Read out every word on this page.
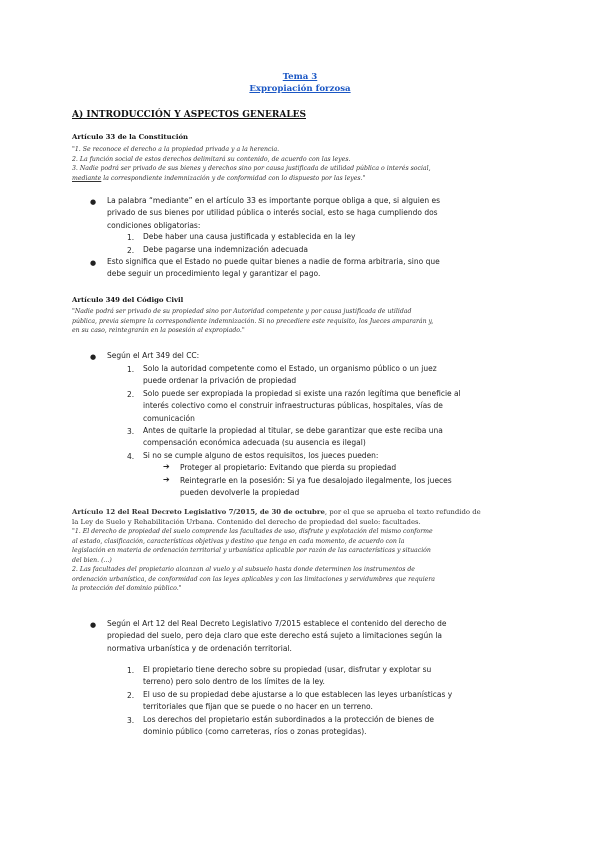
Tema 3
Expropiación forzosa
A) INTRODUCCIÓN Y ASPECTOS GENERALES
Artículo 33 de la Constitución
"1. Se reconoce el derecho a la propiedad privada y a la herencia.
2. La función social de estos derechos delimitará su contenido, de acuerdo con las leyes.
3. Nadie podrá ser privado de sus bienes y derechos sino por causa justificada de utilidad pública o interés social,
mediante la correspondiente indemnización y de conformidad con lo dispuesto por las leyes."
● La palabra “mediante” en el artículo 33 es importante porque obliga a que, si alguien es
privado de sus bienes por utilidad pública o interés social, esto se haga cumpliendo dos
condiciones obligatorias:
1. Debe haber una causa justificada y establecida en la ley
2. Debe pagarse una indemnización adecuada
● Esto significa que el Estado no puede quitar bienes a nadie de forma arbitraria, sino que
debe seguir un procedimiento legal y garantizar el pago.
Artículo 349 del Código Civil
"Nadie podrá ser privado de su propiedad sino por Autoridad competente y por causa justificada de utilidad
pública, previa siempre la correspondiente indemnización. Si no precediere este requisito, los Jueces ampararán y,
en su caso, reintegrarán en la posesión al expropiado."
● Según el Art 349 del CC:
1. Solo la autoridad competente como el Estado, un organismo público o un juez
puede ordenar la privación de propiedad
2. Solo puede ser expropiada la propiedad si existe una razón legítima que beneficie al
interés colectivo como el construir infraestructuras públicas, hospitales, vías de
comunicación
3. Antes de quitarle la propiedad al titular, se debe garantizar que este reciba una
compensación económica adecuada (su ausencia es ilegal)
4. Si no se cumple alguno de estos requisitos, los jueces pueden:
➔ Proteger al propietario: Evitando que pierda su propiedad
➔ Reintegrarle en la posesión: Si ya fue desalojado ilegalmente, los jueces
pueden devolverle la propiedad
Artículo 12 del Real Decreto Legislativo 7/2015, de 30 de octubre, por el que se aprueba el texto refundido de
la Ley de Suelo y Rehabilitación Urbana. Contenido del derecho de propiedad del suelo: facultades.
"1. El derecho de propiedad del suelo comprende las facultades de uso, disfrute y explotación del mismo conforme
al estado, clasificación, características objetivas y destino que tenga en cada momento, de acuerdo con la
legislación en materia de ordenación territorial y urbanística aplicable por razón de las características y situación
del bien. (...)
2. Las facultades del propietario alcanzan al vuelo y al subsuelo hasta donde determinen los instrumentos de
ordenación urbanística, de conformidad con las leyes aplicables y con las limitaciones y servidumbres que requiera
la protección del dominio público."
● Según el Art 12 del Real Decreto Legislativo 7/2015 establece el contenido del derecho de
propiedad del suelo, pero deja claro que este derecho está sujeto a limitaciones según la
normativa urbanística y de ordenación territorial.
1. El propietario tiene derecho sobre su propiedad (usar, disfrutar y explotar su
terreno) pero solo dentro de los límites de la ley.
2. El uso de su propiedad debe ajustarse a lo que establecen las leyes urbanísticas y
territoriales que fijan que se puede o no hacer en un terreno.
3. Los derechos del propietario están subordinados a la protección de bienes de
dominio público (como carreteras, ríos o zonas protegidas).
